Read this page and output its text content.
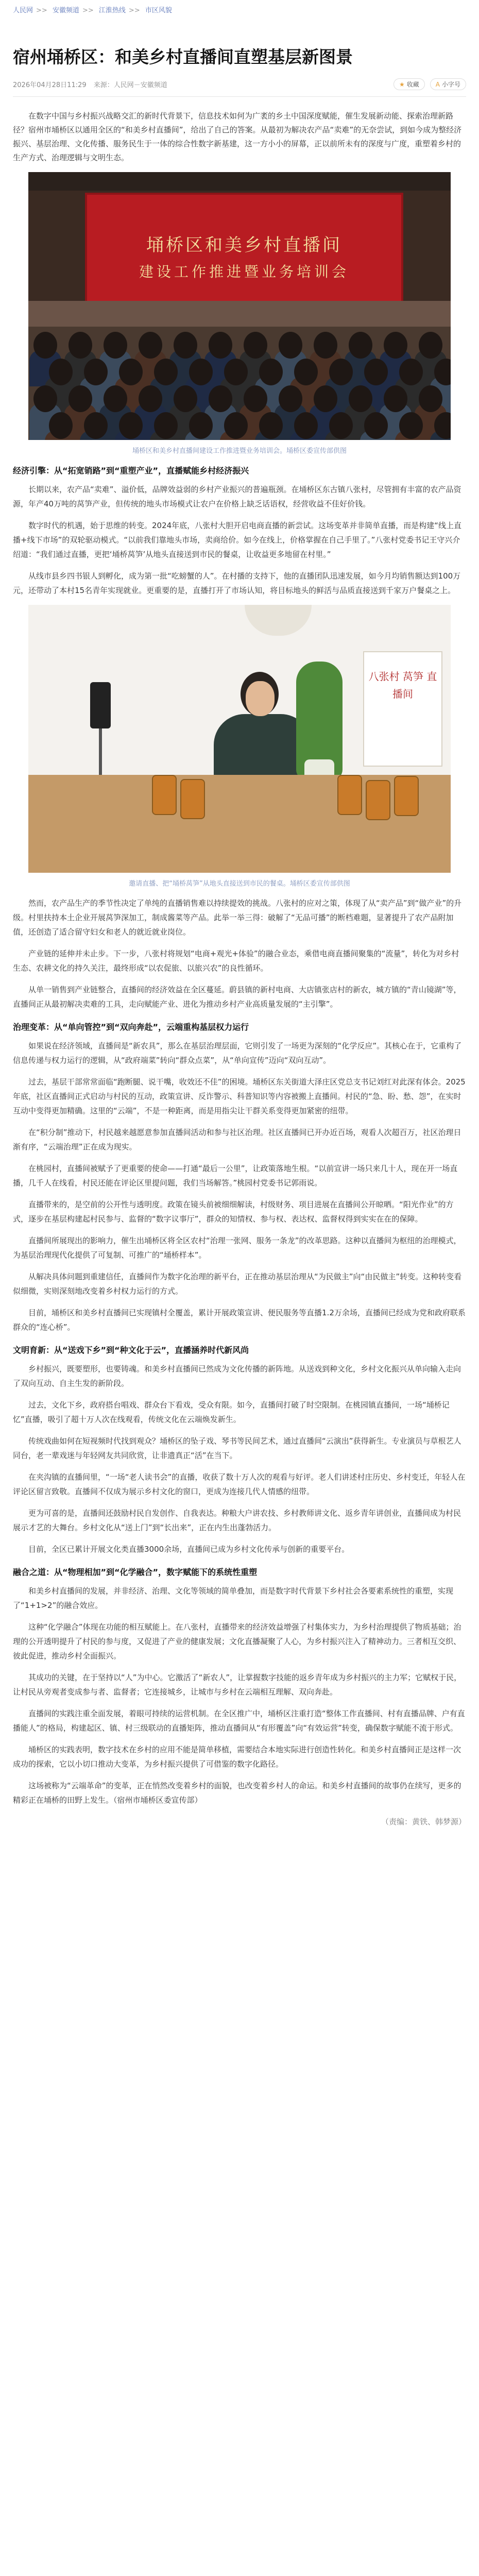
人民网 >> 安徽频道 >> 江淮热线 >> 市区风貌
宿州埇桥区：和美乡村直播间直塑基层新图景
2026年04月28日11:29 来源：人民网－安徽频道	★ 收藏	A 小字号

在数字中国与乡村振兴战略交汇的新时代背景下，信息技术如何为广袤的乡土中国深度赋能，催生发展新动能、探索治理新路径？宿州市埇桥区以通用全区的“和美乡村直播间”，给出了自己的答案。从最初为解决农产品“卖难”的无奈尝试，到如今成为整经济振兴、基层治理、文化传播、服务民生于一体的综合性数字新基建，这一方小小的屏幕，正以前所未有的深度与广度，重塑着乡村的生产方式、治理逻辑与文明生态。

埇桥区和美乡村直播间
建设工作推进暨业务培训会
埇桥区和美乡村直播间建设工作推进暨业务培训会。埇桥区委宣传部供图
经济引擎：从“拓宽销路”到“重塑产业”，直播赋能乡村经济振兴

长期以来，农产品“卖难”、溢价低，品牌效益弱的乡村产业振兴的普遍瓶颈。在埇桥区东古镇八张村，尽管拥有丰富的农产品资源，年产40万吨的莴笋产业，但传统的地头市场模式让农户在价格上缺乏话语权，经营收益不佳好价钱。

数字时代的机遇，始于思维的转变。2024年底，八张村大胆开启电商直播的新尝试。这场变革并非简单直播，而是构建“线上直播+线下市场”的双轮驱动模式。“以前我们靠地头市场，卖商给价。如今在线上，价格掌握在自己手里了。”八张村党委书记王守兴介绍道：“我们通过直播，更把‘埇桥莴笋’从地头直接送到市民的餐桌，让收益更多地留在村里。”

从线市县乡四书银人到孵化，成为第一批“吃螃蟹的人”。在村播的支持下，他的直播团队迅速发展，如今月均销售额达到100万元，还带动了本村15名青年实现就业。更重要的是，直播打开了市场认知，将目标地头的鲜活与品质直接送到千家万户餐桌之上。

八张村 莴笋 直播间
邀请直播、把“埇桥莴笋”从地头直接送到市民的餐桌。埇桥区委宣传部供图

然而，农产品生产的季节性决定了单纯的直播销售难以持续提效的挑战。八张村的应对之策，体现了从“卖产品”到“做产业”的升级。村里扶持本土企业开展莴笋深加工，制成酱菜等产品。此举一举三得：破解了“无品可播”的断档难题，显著提升了农产品附加值，还创造了适合留守妇女和老人的就近就业岗位。

产业链的延伸并未止步。下一步，八张村将规划“电商+观光+体验”的融合业态，乘借电商直播间聚集的“流量”，转化为对乡村生态、农耕文化的持久关注，最终形成“以农促旅、以旅兴农”的良性循环。

从单一销售到产业链整合，直播间的经济效益在全区蔓延。蔚县镇的新村电商、大店镇张店村的新农，城方镇的“青山镜湖”等，直播间正从最初解决卖难的工具，走向赋能产业、进化为推动乡村产业高质量发展的“主引擎”。

治理变革：从“单向管控”到“双向奔赴”，云端重构基层权力运行

如果说在经济领域，直播间是“新农具”，那么在基层治理层面，它则引发了一场更为深刻的“化学反应”。其核心在于，它重构了信息传递与权力运行的逻辑，从“政府端菜”转向“群众点菜”，从“单向宣传”迈向“双向互动”。

过去，基层干部常常面临“跑断腿、说干嘴，收效还不佳”的困境。埇桥区东关街道大泽庄区党总支书记刘红对此深有体会。2025年底，社区直播间正式启动与村民的互动，政策宣讲、反诈警示、科普知识等内容被搬上直播间。村民的“急、盼、愁、怨”，在实时互动中变得更加精确。这里的“云端”，不是一种距离，而是用指尖让干群关系变得更加紧密的纽带。

在“积分制”推动下，村民越来越愿意参加直播间活动和参与社区治理。社区直播间已开办近百场，观看人次超百万，社区治理日渐有序，“云端治理”正在成为现实。

在桃园村，直播间被赋予了更重要的使命——打通“最后一公里”，让政策落地生根。“以前宣讲一场只来几十人，现在开一场直播，几千人在线看，村民还能在评论区里提问题，我们当场解答。”桃园村党委书记郭雨说。

直播带来的，是空前的公开性与透明度。政策在镜头前被细细解读，村级财务、项目进展在直播间公开晾晒。“阳光作业”的方式，逐步在基层构建起村民参与、监督的“数字议事厅”，群众的知情权、参与权、表达权、监督权得到实实在在的保障。

直播间所展现出的影响力，催生出埇桥区将全区农村“治理一张网、服务一条龙”的改革思路。这种以直播间为枢纽的治理模式，为基层治理现代化提供了可复制、可推广的“埇桥样本”。

从解决具体问题到重建信任，直播间作为数字化治理的新平台，正在推动基层治理从“为民做主”向“由民做主”转变。这种转变看似细微，实则深刻地改变着乡村权力运行的方式。

目前，埇桥区和美乡村直播间已实现镇村全覆盖，累计开展政策宣讲、便民服务等直播1.2万余场，直播间已经成为党和政府联系群众的“连心桥”。

文明育新：从“送戏下乡”到“种文化于云”，直播涵养时代新风尚

乡村振兴，既要塑形，也要铸魂。和美乡村直播间已然成为文化传播的新阵地。从送戏到种文化，乡村文化振兴从单向输入走向了双向互动、自主生发的新阶段。

过去，文化下乡，政府搭台唱戏、群众台下看戏，受众有限。如今，直播间打破了时空限制。在桃园镇直播间，一场“埇桥记忆”直播，吸引了超十万人次在线观看，传统文化在云端焕发新生。

传统戏曲如何在短视频时代找到观众？埇桥区的坠子戏、琴书等民间艺术，通过直播间“云演出”获得新生。专业演员与草根艺人同台，老一辈戏迷与年轻网友共同欣赏，让非遗真正“活”在当下。

在夹沟镇的直播间里，“一场“老人读书会”的直播，收获了数十万人次的观看与好评。老人们讲述村庄历史、乡村变迁，年轻人在评论区留言致敬。直播间不仅成为展示乡村文化的窗口，更成为连接几代人情感的纽带。

更为可喜的是，直播间还鼓励村民自发创作、自我表达。种粮大户讲农技、乡村教师讲文化、返乡青年讲创业，直播间成为村民展示才艺的大舞台。乡村文化从“送上门”到“长出来”，正在内生出蓬勃活力。

目前，全区已累计开展文化类直播3000余场，直播间已成为乡村文化传承与创新的重要平台。

融合之道：从“物理相加”到“化学融合”，数字赋能下的系统性重塑

和美乡村直播间的发展，并非经济、治理、文化等领域的简单叠加，而是数字时代背景下乡村社会各要素系统性的重塑，实现了“1+1>2”的融合效应。

这种“化学融合”体现在功能的相互赋能上。在八张村，直播带来的经济效益增强了村集体实力，为乡村治理提供了物质基础；治理的公开透明提升了村民的参与度，又促进了产业的健康发展；文化直播凝聚了人心，为乡村振兴注入了精神动力。三者相互交织、彼此促进，推动乡村全面振兴。

其成功的关键，在于坚持以“人”为中心。它激活了“新农人”，让掌握数字技能的返乡青年成为乡村振兴的主力军；它赋权于民，让村民从旁观者变成参与者、监督者；它连接城乡，让城市与乡村在云端相互理解、双向奔赴。

直播间的实践注重全面发展，着眼可持续的运营机制。在全区推广中，埇桥区注重打造“整体工作直播间、村有直播品牌、户有直播能人”的格局，构建起区、镇、村三级联动的直播矩阵，推动直播间从“有形覆盖”向“有效运营”转变，确保数字赋能不流于形式。

埇桥区的实践表明，数字技术在乡村的应用不能是简单移植，需要结合本地实际进行创造性转化。和美乡村直播间正是这样一次成功的探索，它以小切口推动大变革，为乡村振兴提供了可借鉴的数字化路径。

这场被称为“云端革命”的变革，正在悄然改变着乡村的面貌，也改变着乡村人的命运。和美乡村直播间的故事仍在续写，更多的精彩正在埇桥的田野上发生。（宿州市埇桥区委宣传部）

（责编：黄铁、韩梦源）
